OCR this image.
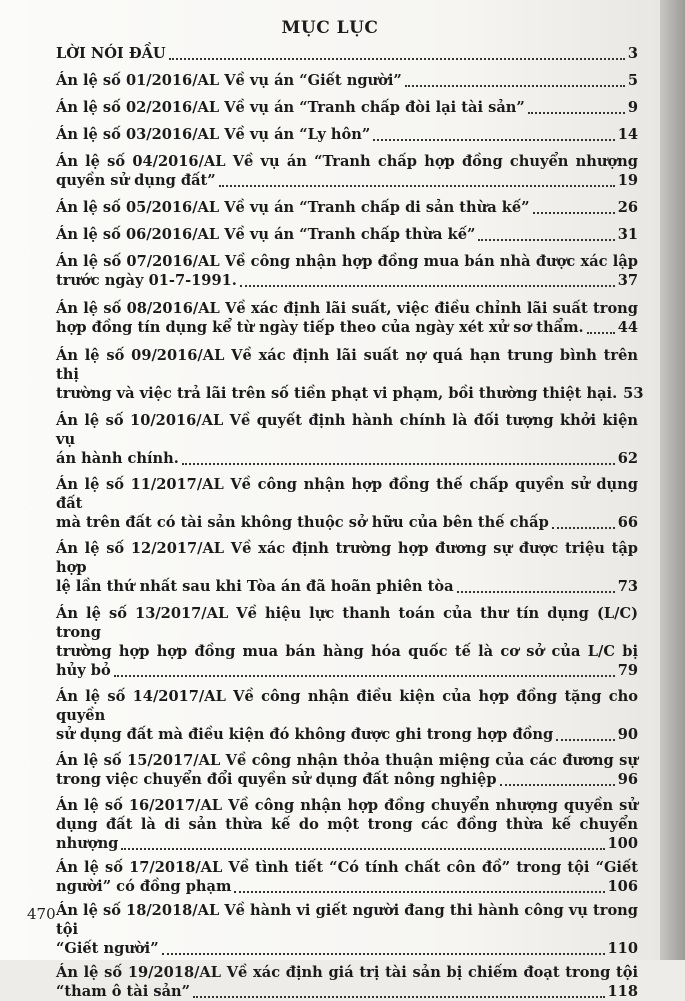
MỤC LỤC
LỜI NÓI ĐẦU	3
Án lệ số 01/2016/AL Về vụ án “Giết người”	5
Án lệ số 02/2016/AL Về vụ án “Tranh chấp đòi lại tài sản”	9
Án lệ số 03/2016/AL Về vụ án “Ly hôn”	14
Án lệ số 04/2016/AL Về vụ án “Tranh chấp hợp đồng chuyển nhượng
quyền sử dụng đất”	19
Án lệ số 05/2016/AL Về vụ án “Tranh chấp di sản thừa kế”	26
Án lệ số 06/2016/AL Về vụ án “Tranh chấp thừa kế”	31
Án lệ số 07/2016/AL Về công nhận hợp đồng mua bán nhà được xác lập
trước ngày 01-7-1991.	37
Án lệ số 08/2016/AL Về xác định lãi suất, việc điều chỉnh lãi suất trong
hợp đồng tín dụng kể từ ngày tiếp theo của ngày xét xử sơ thẩm. 44
Án lệ số 09/2016/AL Về xác định lãi suất nợ quá hạn trung bình trên thị
trường và việc trả lãi trên số tiền phạt vi phạm, bồi thường thiệt hại. 53
Án lệ số 10/2016/AL Về quyết định hành chính là đối tượng khởi kiện vụ
án hành chính.	62
Án lệ số 11/2017/AL Về công nhận hợp đồng thế chấp quyền sử dụng đất
mà trên đất có tài sản không thuộc sở hữu của bên thế chấp	66
Án lệ số 12/2017/AL Về xác định trường hợp đương sự được triệu tập hợp
lệ lần thứ nhất sau khi Tòa án đã hoãn phiên tòa	73
Án lệ số 13/2017/AL Về hiệu lực thanh toán của thư tín dụng (L/C) trong
trường hợp hợp đồng mua bán hàng hóa quốc tế là cơ sở của L/C bị
hủy bỏ	79
Án lệ số 14/2017/AL Về công nhận điều kiện của hợp đồng tặng cho quyền
sử dụng đất mà điều kiện đó không được ghi trong hợp đồng	90
Án lệ số 15/2017/AL Về công nhận thỏa thuận miệng của các đương sự
trong việc chuyển đổi quyền sử dụng đất nông nghiệp	96
Án lệ số 16/2017/AL Về công nhận hợp đồng chuyển nhượng quyền sử
dụng đất là di sản thừa kế do một trong các đồng thừa kế chuyển
nhượng	100
Án lệ số 17/2018/AL Về tình tiết “Có tính chất côn đồ” trong tội “Giết
người” có đồng phạm	106
Án lệ số 18/2018/AL Về hành vi giết người đang thi hành công vụ trong tội
“Giết người”	110
Án lệ số 19/2018/AL Về xác định giá trị tài sản bị chiếm đoạt trong tội
“tham ô tài sản”	118
470
